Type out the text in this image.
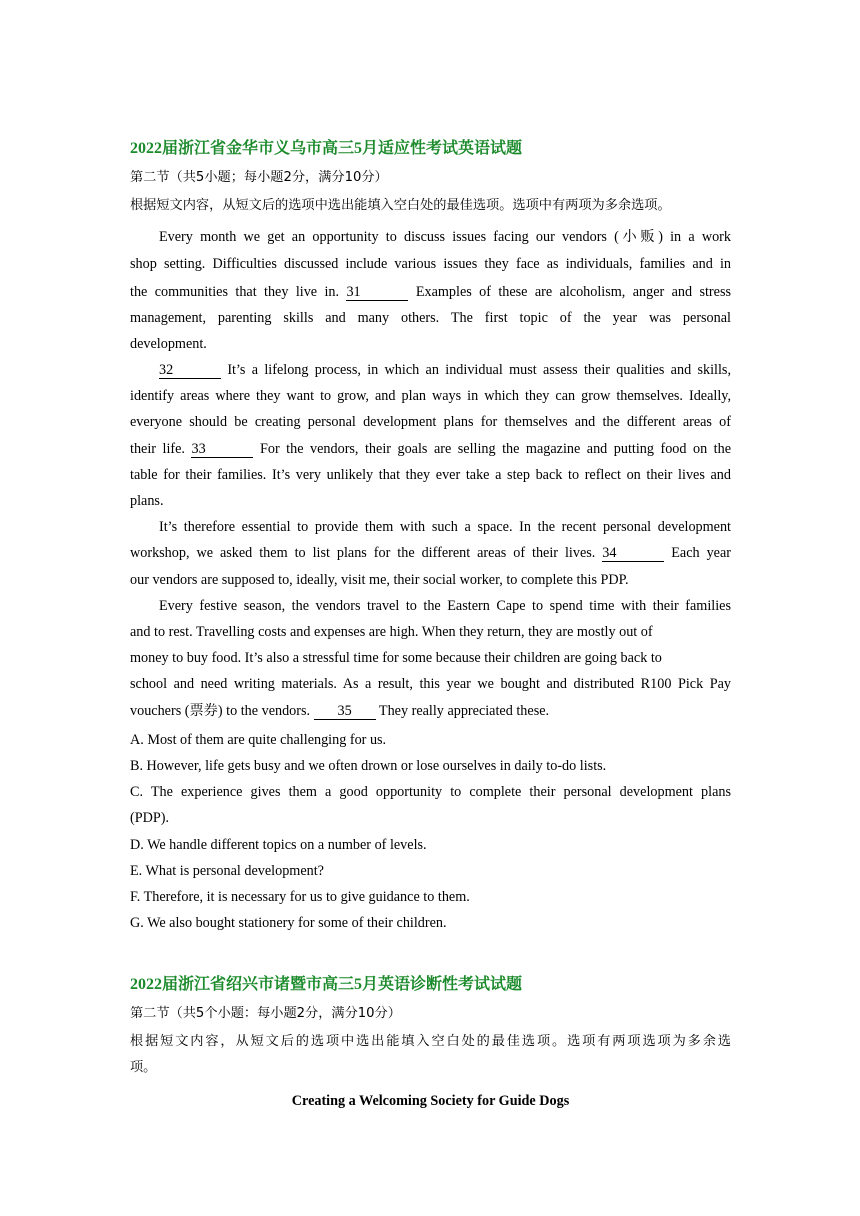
2022届浙江省金华市义乌市高三5月适应性考试英语试题
第二节（共5小题；每小题2分，满分10分）
根据短文内容，从短文后的选项中选出能填入空白处的最佳选项。选项中有两项为多余选项。
Every month we get an opportunity to discuss issues facing our vendors (小贩) in a work
shop setting. Difficulties discussed include various issues they face as individuals, families and in
the communities that they live in. 31	Examples of these are alcoholism, anger and stress
management, parenting skills and many others. The first topic of the year was personal
development.
32	It’s a lifelong process, in which an individual must assess their qualities and skills,
identify areas where they want to grow, and plan ways in which they can grow themselves. Ideally,
everyone should be creating personal development plans for themselves and the different areas of
their life. 33	For the vendors, their goals are selling the magazine and putting food on the
table for their families. It’s very unlikely that they ever take a step back to reflect on their lives and
plans.
It’s therefore essential to provide them with such a space. In the recent personal development
workshop, we asked them to list plans for the different areas of their lives. 34	Each year
our vendors are supposed to, ideally, visit me, their social worker, to complete this PDP.
Every festive season, the vendors travel to the Eastern Cape to spend time with their families
and to rest. Travelling costs and expenses are high. When they return, they are mostly out of
money to buy food. It’s also a stressful time for some because their children are going back to
school and need writing materials. As a result, this year we bought and distributed R100 Pick Pay
vouchers (票券) to the vendors. 35 They really appreciated these.
A. Most of them are quite challenging for us.
B. However, life gets busy and we often drown or lose ourselves in daily to-do lists.
C. The experience gives them a good opportunity to complete their personal development plans
(PDP).
D. We handle different topics on a number of levels.
E. What is personal development?
F. Therefore, it is necessary for us to give guidance to them.
G. We also bought stationery for some of their children.
2022届浙江省绍兴市诸暨市高三5月英语诊断性考试试题
第二节（共5个小题：每小题2分，满分10分）
根据短文内容，从短文后的选项中选出能填入空白处的最佳选项。选项有两项选项为多余选
项。
Creating a Welcoming Society for Guide Dogs
